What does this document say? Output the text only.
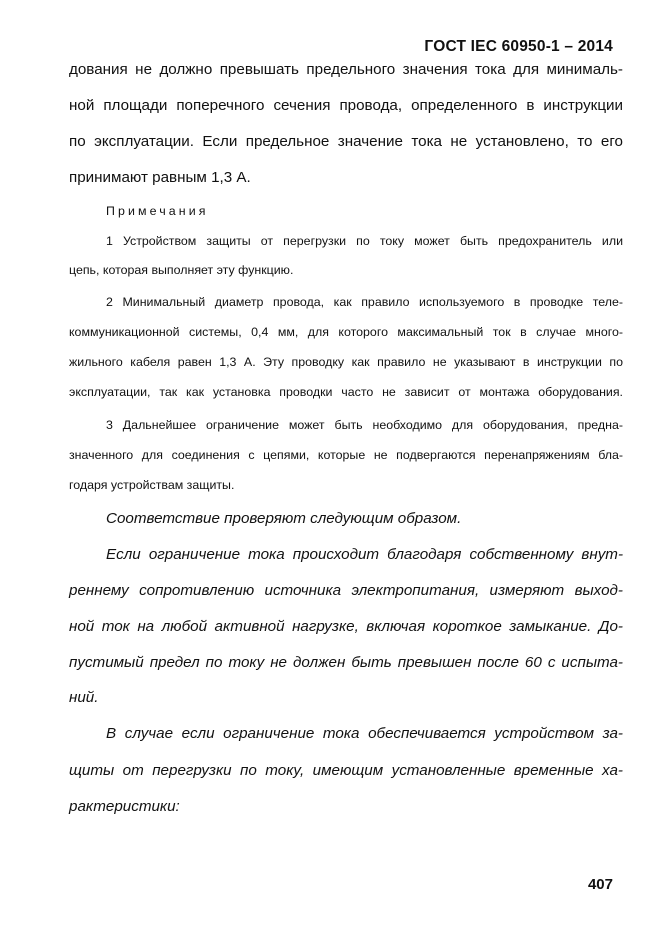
ГОСТ IEC 60950-1 – 2014
дования не должно превышать предельного значения тока для минималь-
ной площади поперечного сечения провода, определенного в инструкции
по эксплуатации. Если предельное значение тока не установлено, то его
принимают равным 1,3 А.
Примечания
1 Устройством защиты от перегрузки по току может быть предохранитель или
цепь, которая выполняет эту функцию.
2 Минимальный диаметр провода, как правило используемого в проводке теле-
коммуникационной системы, 0,4 мм, для которого максимальный ток в случае много-
жильного кабеля равен 1,3 А. Эту проводку как правило не указывают в инструкции по
эксплуатации, так как установка проводки часто не зависит от монтажа оборудования.
3 Дальнейшее ограничение может быть необходимо для оборудования, предна-
значенного для соединения с цепями, которые не подвергаются перенапряжениям бла-
годаря устройствам защиты.
Соответствие проверяют следующим образом.
Если ограничение тока происходит благодаря собственному внут-
реннему сопротивлению источника электропитания, измеряют выход-
ной ток на любой активной нагрузке, включая короткое замыкание. До-
пустимый предел по току не должен быть превышен после 60 с испыта-
ний.
В случае если ограничение тока обеспечивается устройством за-
щиты от перегрузки по току, имеющим установленные временные ха-
рактеристики:
407
